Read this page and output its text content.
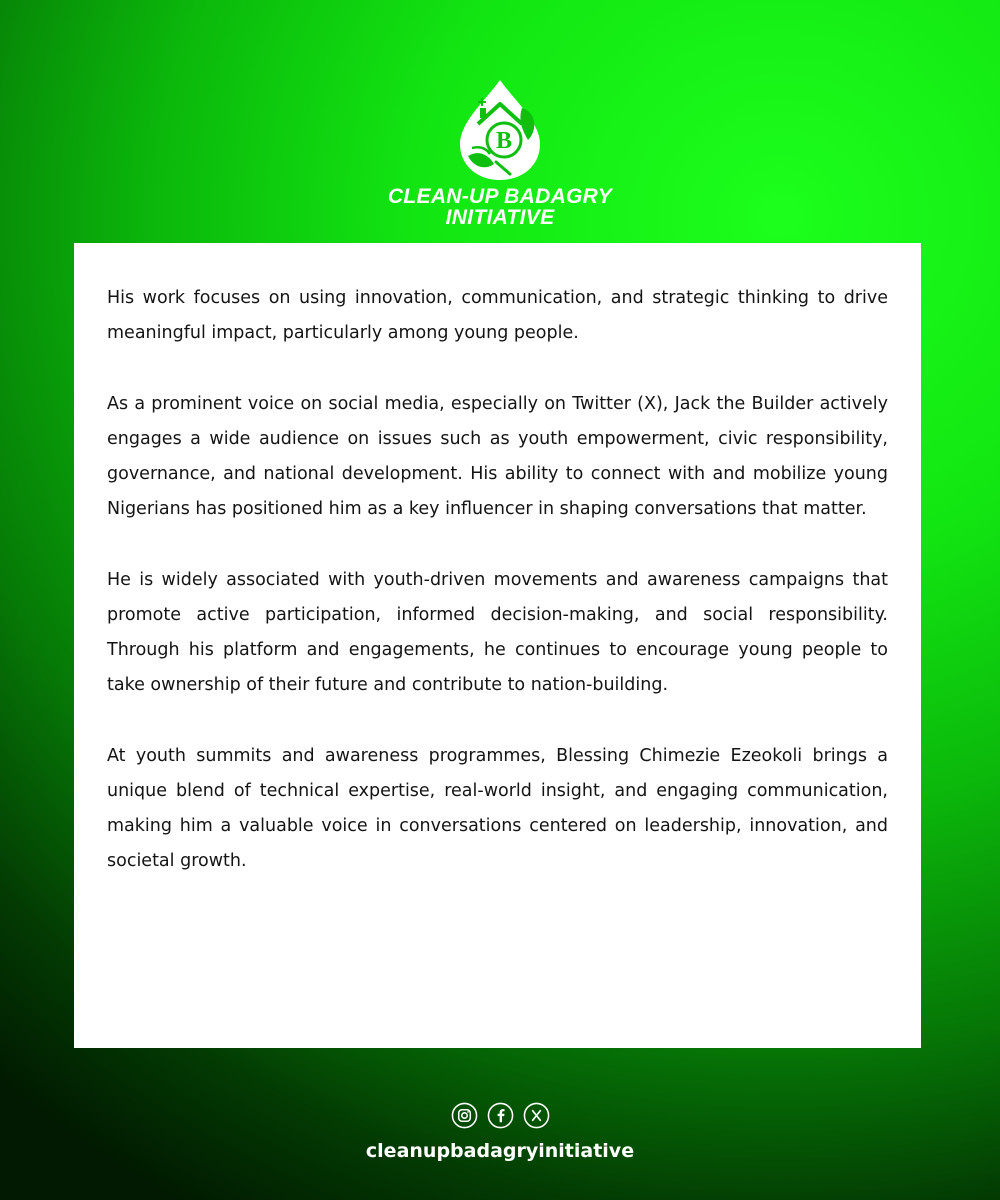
B
CLEAN-UP BADAGRY
INITIATIVE

His work focuses on using innovation, communication, and strategic thinking to drive meaningful impact, particularly among young people.

As a prominent voice on social media, especially on Twitter (X), Jack the Builder actively engages a wide audience on issues such as youth empowerment, civic responsibility, governance, and national development. His ability to connect with and mobilize young Nigerians has positioned him as a key influencer in shaping conversations that matter.

He is widely associated with youth-driven movements and awareness campaigns that promote active participation, informed decision-making, and social responsibility. Through his platform and engagements, he continues to encourage young people to take ownership of their future and contribute to nation-building.

At youth summits and awareness programmes, Blessing Chimezie Ezeokoli brings a unique blend of technical expertise, real-world insight, and engaging communication, making him a valuable voice in conversations centered on leadership, innovation, and societal growth.

cleanupbadagryinitiative
